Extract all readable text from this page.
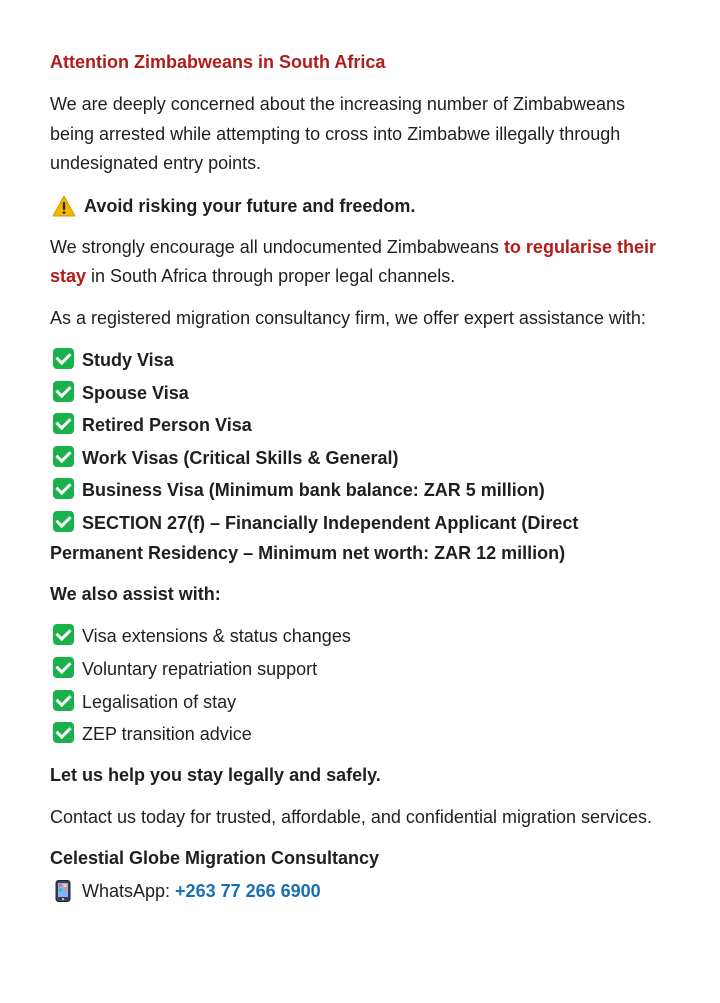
Attention Zimbabweans in South Africa

We are deeply concerned about the increasing number of Zimbabweans being arrested while attempting to cross into Zimbabwe illegally through undesignated entry points.

Avoid risking your future and freedom.

We strongly encourage all undocumented Zimbabweans to regularise their stay in South Africa through proper legal channels.

As a registered migration consultancy firm, we offer expert assistance with:

Study Visa
Spouse Visa
Retired Person Visa
Work Visas (Critical Skills & General)
Business Visa (Minimum bank balance: ZAR 5 million)
SECTION 27(f) – Financially Independent Applicant (Direct Permanent Residency – Minimum net worth: ZAR 12 million)
We also assist with:
Visa extensions & status changes
Voluntary repatriation support
Legalisation of stay
ZEP transition advice
Let us help you stay legally and safely.

Contact us today for trusted, affordable, and confidential migration services.

Celestial Globe Migration Consultancy
WhatsApp: +263 77 266 6900
